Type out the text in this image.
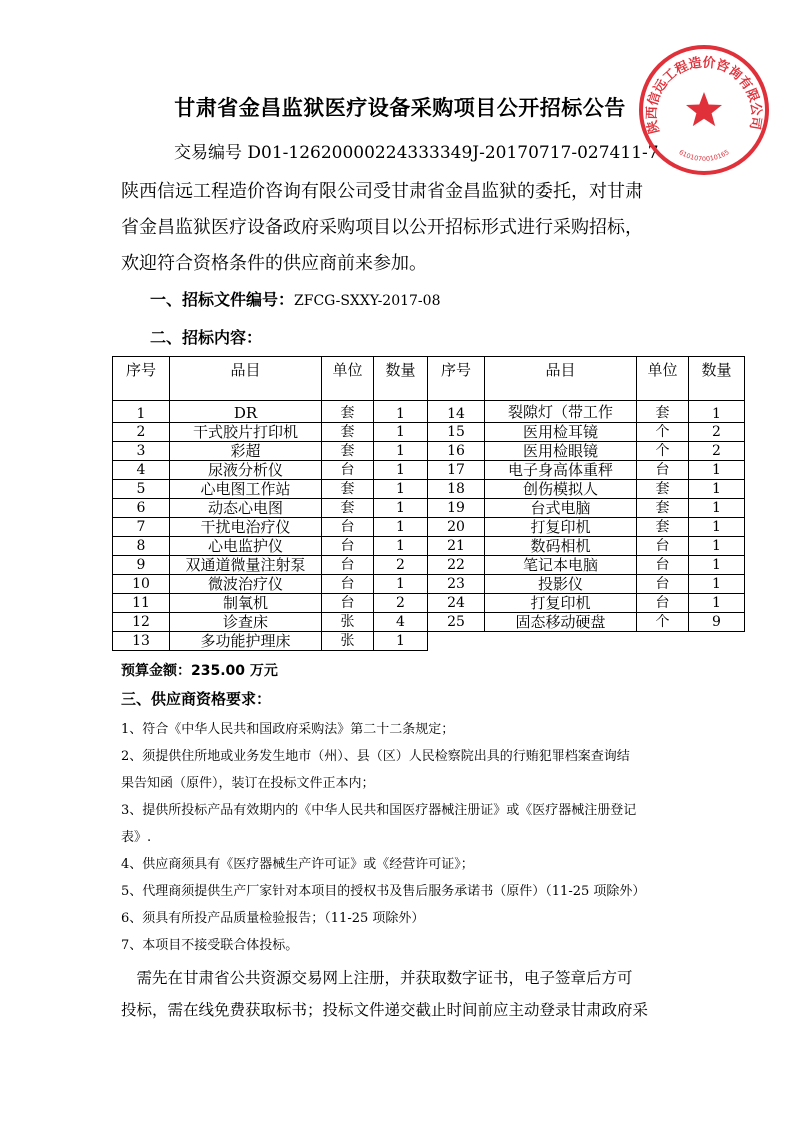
甘肃省金昌监狱医疗设备采购项目公开招标公告
交易编号 D01-12620000224333349J-20170717-027411-7
陕西信远工程造价咨询有限公司受甘肃省金昌监狱的委托，对甘肃
省金昌监狱医疗设备政府采购项目以公开招标形式进行采购招标，
欢迎符合资格条件的供应商前来参加。
一、招标文件编号：ZFCG-SXXY-2017-08
二、招标内容：
序号	品目	单位	数量	序号	品目	单位	数量
1	DR	套	1	14	裂隙灯（带工作	套	1
2	干式胶片打印机	套	1	15	医用检耳镜	个	2
3	彩超	套	1	16	医用检眼镜	个	2
4	尿液分析仪	台	1	17	电子身高体重秤	台	1
5	心电图工作站	套	1	18	创伤模拟人	套	1
6	动态心电图	套	1	19	台式电脑	套	1
7	干扰电治疗仪	台	1	20	打复印机	套	1
8	心电监护仪	台	1	21	数码相机	台	1
9	双通道微量注射泵	台	2	22	笔记本电脑	台	1
10	微波治疗仪	台	1	23	投影仪	台	1
11	制氧机	台	2	24	打复印机	台	1
12	诊查床	张	4	25	固态移动硬盘	个	9
13	多功能护理床	张	1				
预算金额：235.00 万元
三、供应商资格要求：
1、符合《中华人民共和国政府采购法》第二十二条规定；
2、须提供住所地或业务发生地市（州）、县（区）人民检察院出具的行贿犯罪档案查询结
果告知函（原件），装订在投标文件正本内；
3、提供所投标产品有效期内的《中华人民共和国医疗器械注册证》或《医疗器械注册登记
表》.
4、供应商须具有《医疗器械生产许可证》或《经营许可证》；
5、代理商须提供生产厂家针对本项目的授权书及售后服务承诺书（原件）（11-25 项除外）
6、须具有所投产品质量检验报告；（11-25 项除外）
7、本项目不接受联合体投标。
　需先在甘肃省公共资源交易网上注册，并获取数字证书，电子签章后方可
投标，需在线免费获取标书；投标文件递交截止时间前应主动登录甘肃政府采
陕西信远工程造价咨询有限公司
6101070010165
